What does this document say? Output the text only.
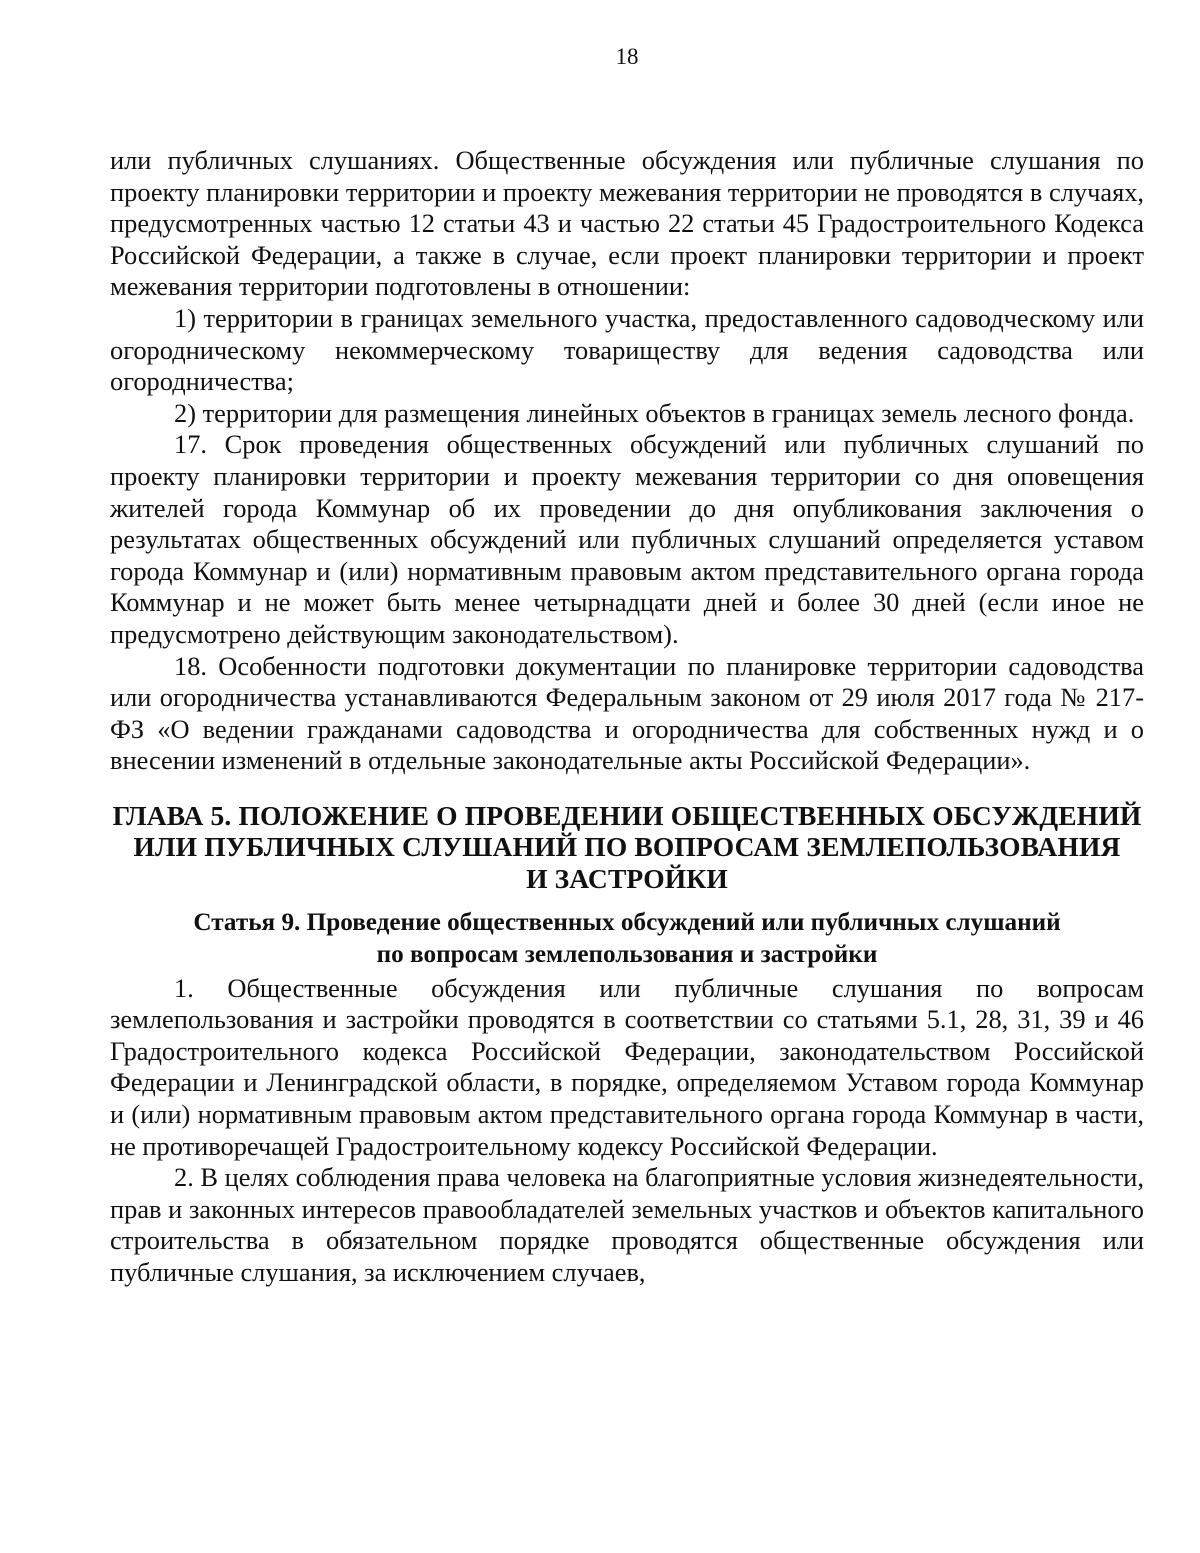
18

или публичных слушаниях. Общественные обсуждения или публичные слушания по проекту планировки территории и проекту межевания территории не проводятся в случаях, предусмотренных частью 12 статьи 43 и частью 22 статьи 45 Градостроительного Кодекса Российской Федерации, а также в случае, если проект планировки территории и проект межевания территории подготовлены в отношении:

1) территории в границах земельного участка, предоставленного садоводческому или огородническому некоммерческому товариществу для ведения садоводства или огородничества;

2) территории для размещения линейных объектов в границах земель лесного фонда.

17. Срок проведения общественных обсуждений или публичных слушаний по проекту планировки территории и проекту межевания территории со дня оповещения жителей города Коммунар об их проведении до дня опубликования заключения о результатах общественных обсуждений или публичных слушаний определяется уставом города Коммунар и (или) нормативным правовым актом представительного органа города Коммунар и не может быть менее четырнадцати дней и более 30 дней (если иное не предусмотрено действующим законодательством).

18. Особенности подготовки документации по планировке территории садоводства или огородничества устанавливаются Федеральным законом от 29 июля 2017 года № 217-ФЗ «О ведении гражданами садоводства и огородничества для собственных нужд и о внесении изменений в отдельные законодательные акты Российской Федерации».

ГЛАВА 5. ПОЛОЖЕНИЕ О ПРОВЕДЕНИИ ОБЩЕСТВЕННЫХ ОБСУЖДЕНИЙ
ИЛИ ПУБЛИЧНЫХ СЛУШАНИЙ ПО ВОПРОСАМ ЗЕМЛЕПОЛЬЗОВАНИЯ
И ЗАСТРОЙКИ
Статья 9. Проведение общественных обсуждений или публичных слушаний
по вопросам землепользования и застройки

1. Общественные обсуждения или публичные слушания по вопросам землепользования и застройки проводятся в соответствии со статьями 5.1, 28, 31, 39 и 46 Градостроительного кодекса Российской Федерации, законодательством Российской Федерации и Ленинградской области, в порядке, определяемом Уставом города Коммунар и (или) нормативным правовым актом представительного органа города Коммунар в части, не противоречащей Градостроительному кодексу Российской Федерации.

2. В целях соблюдения права человека на благоприятные условия жизнедеятельности, прав и законных интересов правообладателей земельных участков и объектов капитального строительства в обязательном порядке проводятся общественные обсуждения или публичные слушания, за исключением случаев,
